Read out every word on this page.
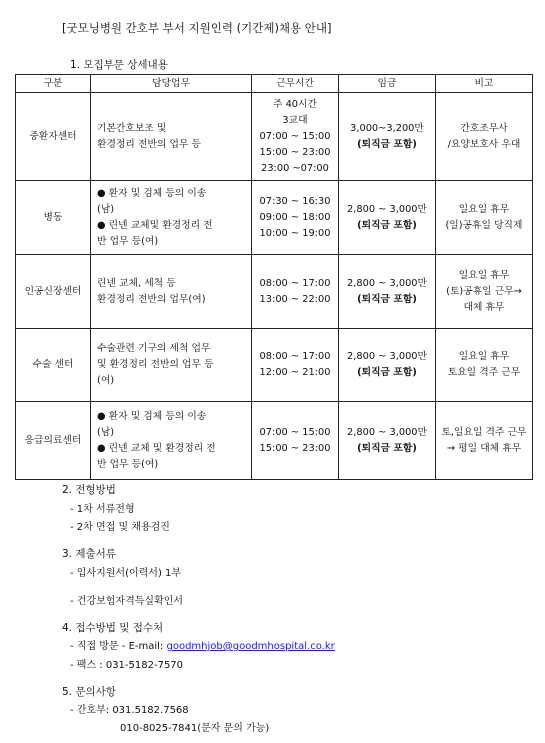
[굿모닝병원 간호부 부서 지원인력 (기간제)채용 안내]
1. 모집부문 상세내용
구분	담당업무	근무시간	임금	비고
중환자센터	기본간호보조 및
환경정리 전반의 업무 등	주 40시간
3교대
07:00 ~ 15:00
15:00 ~ 23:00
23:00 ~07:00	3,000~3,200만
(퇴직금 포함)	간호조무사
/요양보호사 우대

병동	● 환자 및 검체 등의 이송
(남)
● 린넨 교체및 환경정리 전
반 업무 등(여)	07:30 ~ 16:30
09:00 ~ 18:00
10:00 ~ 19:00	2,800 ~ 3,000만
(퇴직금 포함)	일요일 휴무
(일)공휴일 당직제

인공신장센터	린넨 교체, 세척 등
환경정리 전반의 업무(여)	08:00 ~ 17:00
13:00 ~ 22:00	2,800 ~ 3,000만
(퇴직금 포함)	일요일 휴무
(토)공휴일 근무→
대체 휴무

수술 센터	수술관련 기구의 세척 업무
및 환경정리 전반의 업무 등
(여)	08:00 ~ 17:00
12:00 ~ 21:00	2,800 ~ 3,000만
(퇴직금 포함)	일요일 휴무
토요일 격주 근무

응급의료센터	● 환자 및 검체 등의 이송
(남)
● 린넨 교체 및 환경정리 전
반 업무 등(여)	07:00 ~ 15:00
15:00 ~ 23:00	2,800 ~ 3,000만
(퇴직금 포함)	토,일요일 격주 근무
→ 평일 대체 휴무
2. 전형방법
- 1차 서류전형
- 2차 면접 및 채용검진
3. 제출서류
- 입사지원서(이력서) 1부
- 건강보험자격득실확인서
4. 접수방법 및 접수처
- 직접 방문 - E-mail: goodmhjob@goodmhospital.co.kr
- 팩스 : 031-5182-7570
5. 문의사항
- 간호부: 031.5182.7568
010-8025-7841(문자 문의 가능)
